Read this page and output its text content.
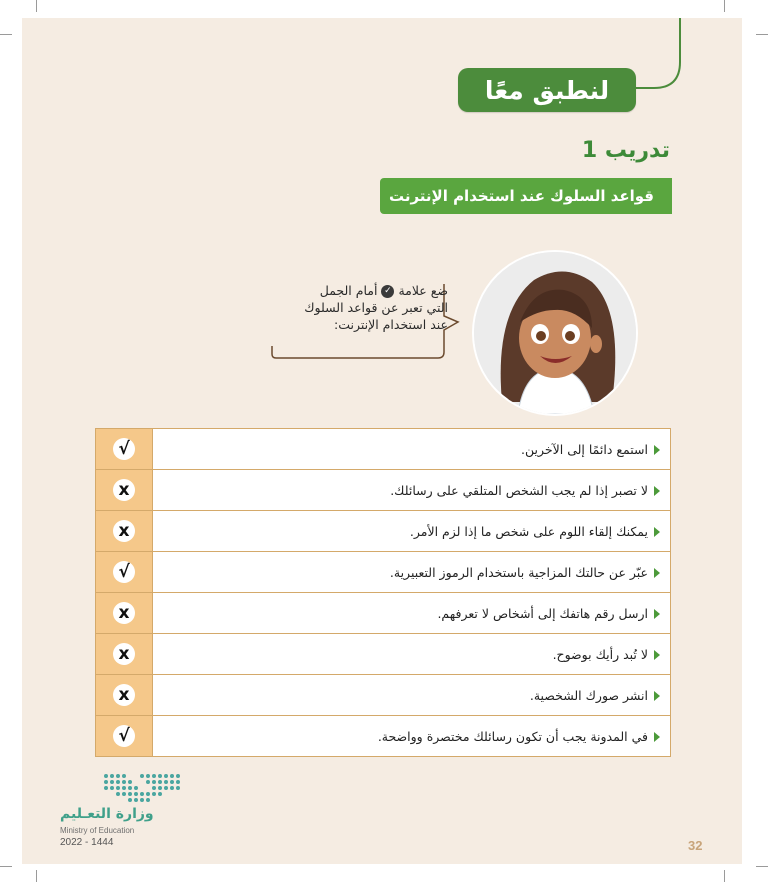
لنطبق معًا
تدريب 1
قواعد السلوك عند استخدام الإنترنت

ضع علامة ✓ أمام الجمل

التي تعبر عن قواعد السلوك

عند استخدام الإنترنت:

استمع دائمًا إلى الآخرين.	√
لا تصبر إذا لم يجب الشخص المتلقي على رسائلك.	x
يمكنك إلقاء اللوم على شخص ما إذا لزم الأمر.	x
عبّر عن حالتك المزاجية باستخدام الرموز التعبيرية.	√
ارسل رقم هاتفك إلى أشخاص لا تعرفهم.	x
لا تُبد رأيك بوضوح.	x
انشر صورك الشخصية.	x
في المدونة يجب أن تكون رسائلك مختصرة وواضحة.	√
وزارة التعـليم
Ministry of Education
2022 - 1444	32
